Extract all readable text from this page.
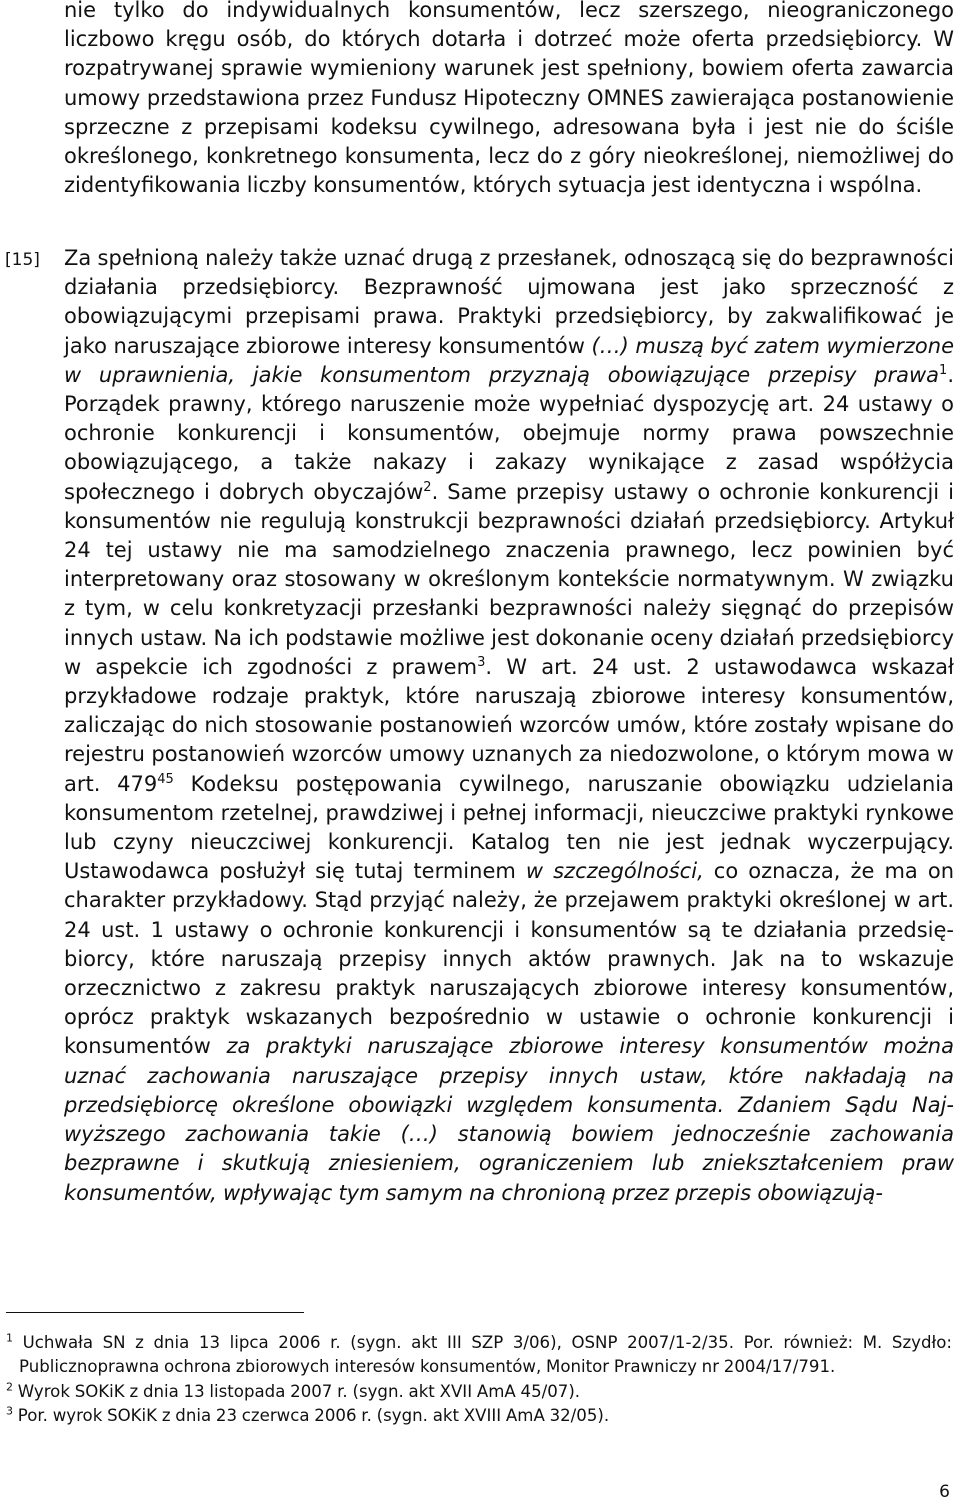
nie tylko do indywidualnych konsumentów, lecz szerszego, nieograniczonego liczbowo kręgu osób, do których dotarła i dotrzeć może oferta przedsiębiorcy. W rozpatrywanej sprawie wymieniony warunek jest spełniony, bowiem oferta zawarcia umowy przedstawiona przez Fundusz Hipoteczny OMNES zawierająca postanowienie sprzeczne z przepisami kodeksu cywilnego, adresowana była i jest nie do ściśle określonego, konkretnego konsumenta, lecz do z góry nieokreślonej, niemożliwej do zidentyfikowania liczby konsumentów, których sytuacja jest identyczna i wspólna.

[15] Za spełnioną należy także uznać drugą z przesłanek, odnoszącą się do bezprawności działania przedsiębiorcy. Bezprawność ujmowana jest jako sprzeczność z obowiązującymi przepisami prawa. Praktyki przedsiębiorcy, by zakwalifikować je jako naruszające zbiorowe interesy konsumentów (…) muszą być zatem wymierzone w uprawnienia, jakie konsumentom przyznają obowiązujące przepisy prawa$^1$. Porządek prawny, którego naruszenie może wypełniać dyspozycję art. 24 ustawy o ochronie konkurencji i konsumentów, obejmuje normy prawa powszechnie obowiązującego, a także nakazy i zakazy wynikające z zasad współżycia społecznego i dobrych obyczajów$^2$. Same przepisy ustawy o ochronie konkurencji i konsumentów nie regulują konstrukcji bezprawności działań przedsiębiorcy. Artykuł 24 tej ustawy nie ma samodzielnego znaczenia prawnego, lecz powinien być interpretowany oraz stosowany w określonym kontekście normatywnym. W związku z tym, w celu konkretyzacji przesłanki bezprawności należy sięgnąć do przepisów innych ustaw. Na ich podstawie możliwe jest dokonanie oceny działań przedsiębiorcy w aspekcie ich zgodności z prawem$^3$. W art. 24 ust. 2 ustawodawca wskazał przykładowe rodzaje praktyk, które naruszają zbiorowe interesy konsumentów, zaliczając do nich stosowanie postanowień wzorców umów, które zostały wpisane do rejestru postanowień wzorców umowy uznanych za niedozwolone, o którym mowa w art. $479^{45}$ Kodeksu postępowania cywilnego, naruszanie obowiązku udzielania konsumentom rzetelnej, prawdziwej i pełnej informacji, nieuczciwe praktyki rynkowe lub czyny nieuczciwej konkurencji. Katalog ten nie jest jednak wyczerpujący. Ustawodawca posłużył się tutaj terminem w szczególności, co oznacza, że ma on charakter przykładowy. Stąd przyjąć należy, że przejawem praktyki określonej w art. 24 ust. 1 ustawy o ochronie konkurencji i konsumentów są te działania przedsiębiorcy, które naruszają przepisy innych aktów prawnych. Jak na to wskazuje orzecznictwo z zakresu praktyk naruszających zbiorowe interesy konsumentów, oprócz praktyk wskazanych bezpośrednio w ustawie o ochronie konkurencji i konsumentów za praktyki naruszające zbiorowe interesy konsumentów można uznać zachowania naruszające przepisy innych ustaw, które nakładają na przedsiębiorcę określone obowiązki względem konsumenta. Zdaniem Sądu Najwyższego zachowania takie (…) stanowią bowiem jednocześnie zachowania bezprawne i skutkują zniesieniem, ograniczeniem lub zniekształceniem praw konsumentów, wpływając tym samym na chronioną przez przepis obowiązują-

$^1$ Uchwała SN z dnia 13 lipca 2006 r. (sygn. akt III SZP 3/06), OSNP 2007/1-2/35. Por. również: M. Szydło: Publicznoprawna ochrona zbiorowych interesów konsumentów, Monitor Prawniczy nr 2004/17/791.

$^2$ Wyrok SOKiK z dnia 13 listopada 2007 r. (sygn. akt XVII AmA 45/07).

$^3$ Por. wyrok SOKiK z dnia 23 czerwca 2006 r. (sygn. akt XVIII AmA 32/05).

6
